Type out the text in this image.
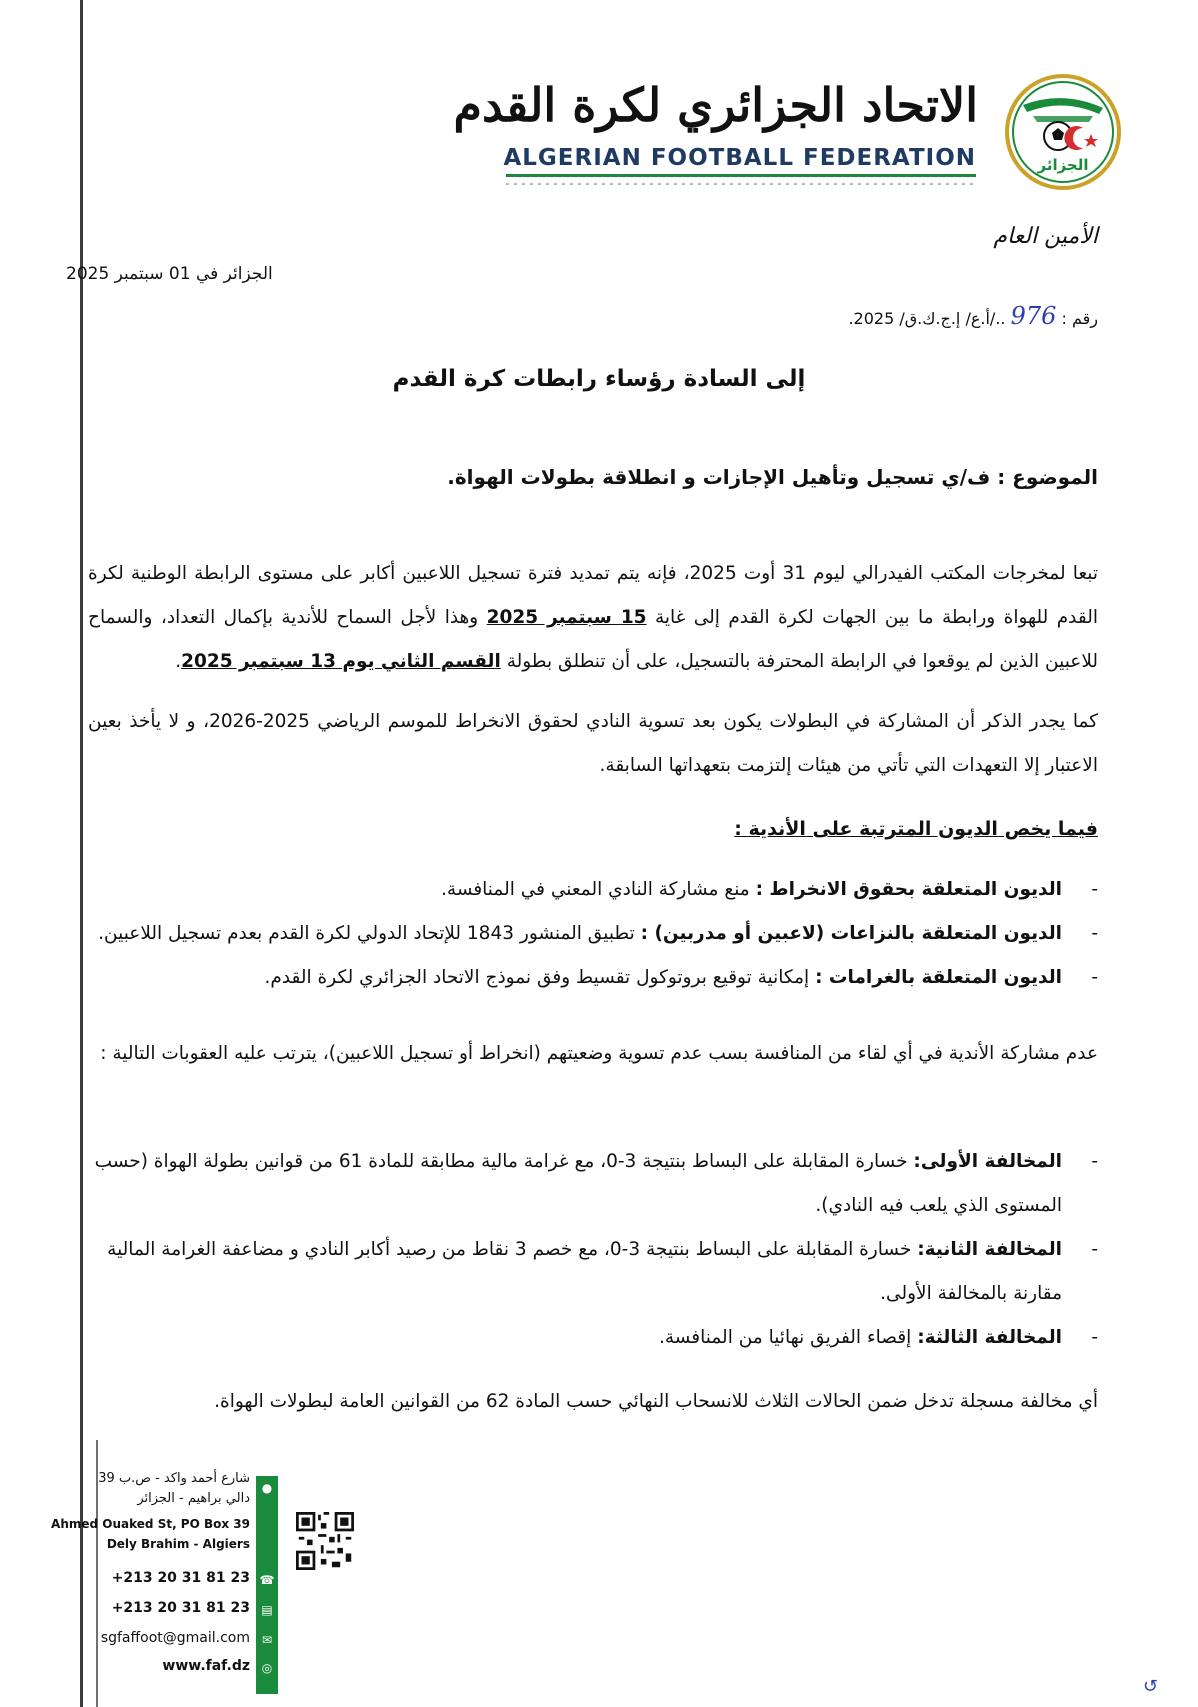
الاتحاد الجزائري لكرة القدم
ALGERIAN FOOTBALL FEDERATION	الجزائر
الأمين العام
الجزائر في 01 سبتمبر 2025
رقم : 976 ../أ.ع/ إ.ج.ك.ق/ 2025.
إلى السادة رؤساء رابطات كرة القدم
الموضوع : ف/ي تسجيل وتأهيل الإجازات و انطلاقة بطولات الهواة.
تبعا لمخرجات المكتب الفيدرالي ليوم 31 أوت 2025، فإنه يتم تمديد فترة تسجيل اللاعبين أكابر على مستوى الرابطة الوطنية لكرة القدم للهواة ورابطة ما بين الجهات لكرة القدم إلى غاية 15 سبتمبر 2025 وهذا لأجل السماح للأندية بإكمال التعداد، والسماح للاعبين الذين لم يوقعوا في الرابطة المحترفة بالتسجيل، على أن تنطلق بطولة القسم الثاني يوم 13 سبتمبر 2025.
كما يجدر الذكر أن المشاركة في البطولات يكون بعد تسوية النادي لحقوق الانخراط للموسم الرياضي 2025-2026، و لا يأخذ بعين الاعتبار إلا التعهدات التي تأتي من هيئات إلتزمت بتعهداتها السابقة.
فيما يخص الديون المترتبة على الأندية :
-
الديون المتعلقة بحقوق الانخراط : منع مشاركة النادي المعني في المنافسة.
-
الديون المتعلقة بالنزاعات (لاعبين أو مدربين) : تطبيق المنشور 1843 للإتحاد الدولي لكرة القدم بعدم تسجيل اللاعبين.
-
الديون المتعلقة بالغرامات : إمكانية توقيع بروتوكول تقسيط وفق نموذج الاتحاد الجزائري لكرة القدم.
عدم مشاركة الأندية في أي لقاء من المنافسة بسب عدم تسوية وضعيتهم (انخراط أو تسجيل اللاعبين)، يترتب عليه العقوبات التالية :
-
المخالفة الأولى: خسارة المقابلة على البساط بنتيجة 3-0، مع غرامة مالية مطابقة للمادة 61 من قوانين بطولة الهواة (حسب المستوى الذي يلعب فيه النادي).
-
المخالفة الثانية: خسارة المقابلة على البساط بنتيجة 3-0، مع خصم 3 نقاط من رصيد أكابر النادي و مضاعفة الغرامة المالية مقارنة بالمخالفة الأولى.
-
المخالفة الثالثة: إقصاء الفريق نهائيا من المنافسة.
أي مخالفة مسجلة تدخل ضمن الحالات الثلاث للانسحاب النهائي حسب المادة 62 من القوانين العامة لبطولات الهواة.
شارع أحمد واكد - ص.ب 39
دالي براهيم - الجزائر
Ahmed Ouaked St, PO Box 39
Dely Brahim - Algiers
+213 20 31 81 23
+213 20 31 81 23
sgfaffoot@gmail.com
www.faf.dz
●
☎
▤
✉
◎
↺
